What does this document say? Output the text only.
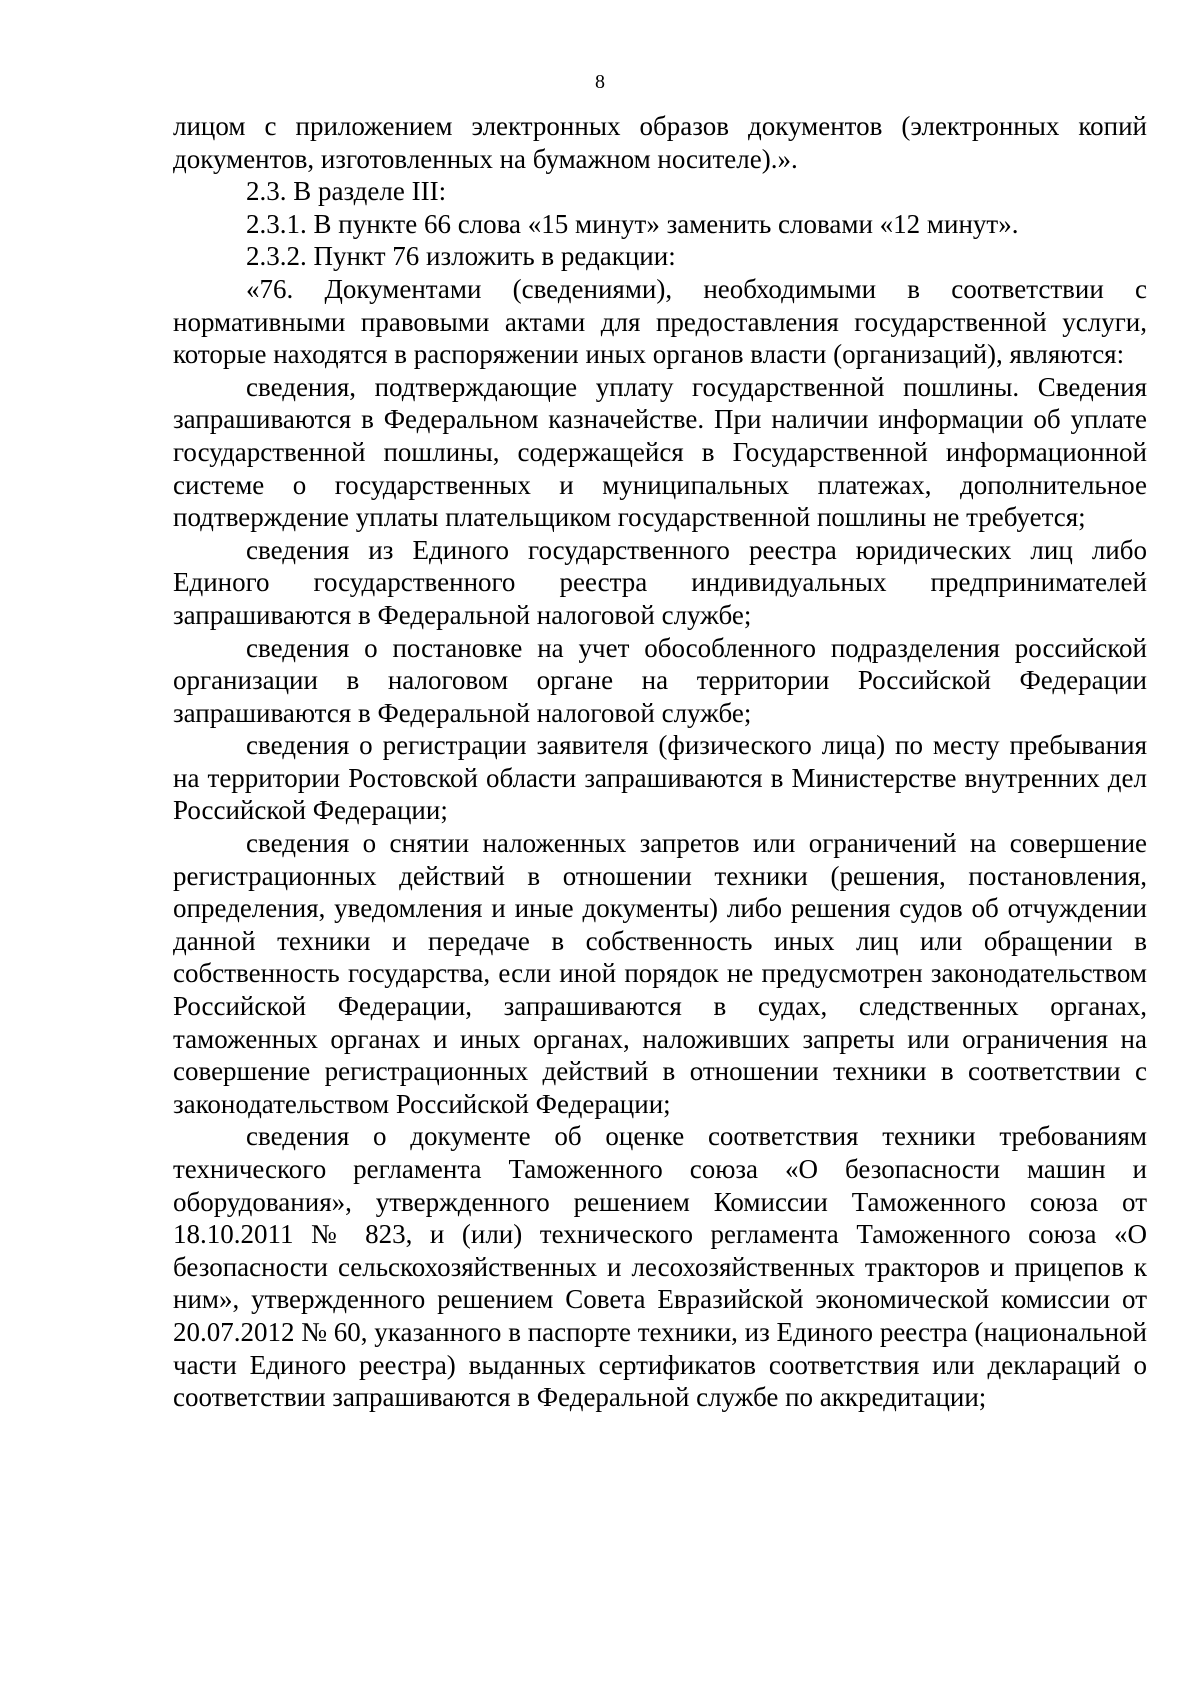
8

лицом с приложением электронных образов документов (электронных копий документов, изготовленных на бумажном носителе).».

2.3. В разделе III:

2.3.1. В пункте 66 слова «15 минут» заменить словами «12 минут».

2.3.2. Пункт 76 изложить в редакции:

«76. Документами (сведениями), необходимыми в соответствии с нормативными правовыми актами для предоставления государственной услуги, которые находятся в распоряжении иных органов власти (организаций), являются:

сведения, подтверждающие уплату государственной пошлины. Сведения запрашиваются в Федеральном казначействе. При наличии информации об уплате государственной пошлины, содержащейся в Государственной информационной системе о государственных и муниципальных платежах, дополнительное подтверждение уплаты плательщиком государственной пошлины не требуется;

сведения из Единого государственного реестра юридических лиц либо Единого государственного реестра индивидуальных предпринимателей запрашиваются в Федеральной налоговой службе;

сведения о постановке на учет обособленного подразделения российской организации в налоговом органе на территории Российской Федерации запрашиваются в Федеральной налоговой службе;

сведения о регистрации заявителя (физического лица) по месту пребывания на территории Ростовской области запрашиваются в Министерстве внутренних дел Российской Федерации;

сведения о снятии наложенных запретов или ограничений на совершение регистрационных действий в отношении техники (решения, постановления, определения, уведомления и иные документы) либо решения судов об отчуждении данной техники и передаче в собственность иных лиц или обращении в собственность государства, если иной порядок не предусмотрен законодательством Российской Федерации, запрашиваются в судах, следственных органах, таможенных органах и иных органах, наложивших запреты или ограничения на совершение регистрационных действий в отношении техники в соответствии с законодательством Российской Федерации;

сведения о документе об оценке соответствия техники требованиям технического регламента Таможенного союза «О безопасности машин и оборудования», утвержденного решением Комиссии Таможенного союза от 18.10.2011 № 823, и (или) технического регламента Таможенного союза «О безопасности сельскохозяйственных и лесохозяйственных тракторов и прицепов к ним», утвержденного решением Совета Евразийской экономической комиссии от 20.07.2012 № 60, указанного в паспорте техники, из Единого реестра (национальной части Единого реестра) выданных сертификатов соответствия или деклараций о соответствии запрашиваются в Федеральной службе по аккредитации;
